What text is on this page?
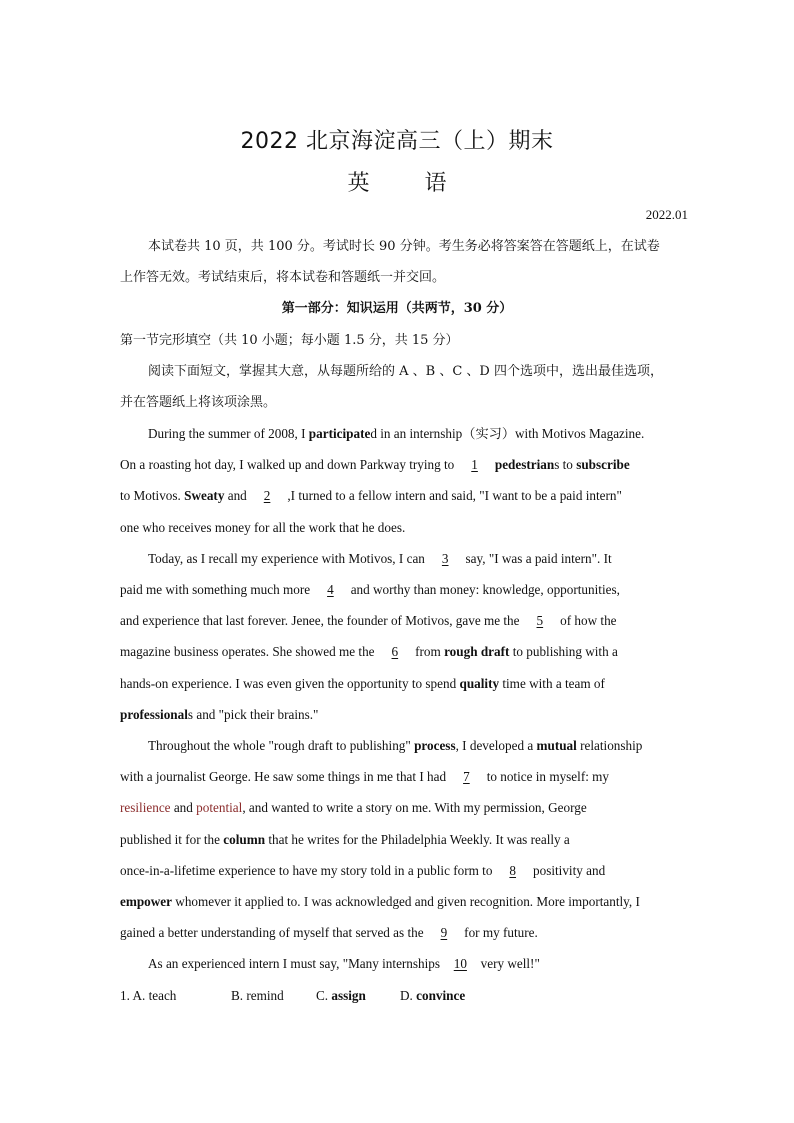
2022 北京海淀高三（上）期末
英 语
2022.01
本试卷共 10 页，共 100 分。考试时长 90 分钟。考生务必将答案答在答题纸上，在试卷
上作答无效。考试结束后，将本试卷和答题纸一并交回。
第一部分：知识运用（共两节，30 分）
第一节完形填空（共 10 小题；每小题 1.5 分，共 15 分）
阅读下面短文，掌握其大意，从每题所给的 A 、B 、C 、D 四个选项中，选出最佳选项，
并在答题纸上将该项涂黑。
During the summer of 2008, I participated in an internship（实习）with Motivos Magazine.
On a roasting hot day, I walked up and down Parkway trying to 1 pedestrians to subscribe
to Motivos. Sweaty and 2 ,I turned to a fellow intern and said, "I want to be a paid intern"
one who receives money for all the work that he does.
Today, as I recall my experience with Motivos, I can 3 say, "I was a paid intern". It
paid me with something much more 4 and worthy than money: knowledge, opportunities,
and experience that last forever. Jenee, the founder of Motivos, gave me the 5 of how the
magazine business operates. She showed me the 6 from rough draft to publishing with a
hands-on experience. I was even given the opportunity to spend quality time with a team of
professionals and "pick their brains."
Throughout the whole "rough draft to publishing" process, I developed a mutual relationship
with a journalist George. He saw some things in me that I had 7 to notice in myself: my
resilience and potential, and wanted to write a story on me. With my permission, George
published it for the column that he writes for the Philadelphia Weekly. It was really a
once-in-a-lifetime experience to have my story told in a public form to 8 positivity and
empower whomever it applied to. I was acknowledged and given recognition. More importantly, I
gained a better understanding of myself that served as the 9 for my future.
As an experienced intern I must say, "Many internships 10 very well!"
1. A. teach	B. remind C. assign	D. convince
